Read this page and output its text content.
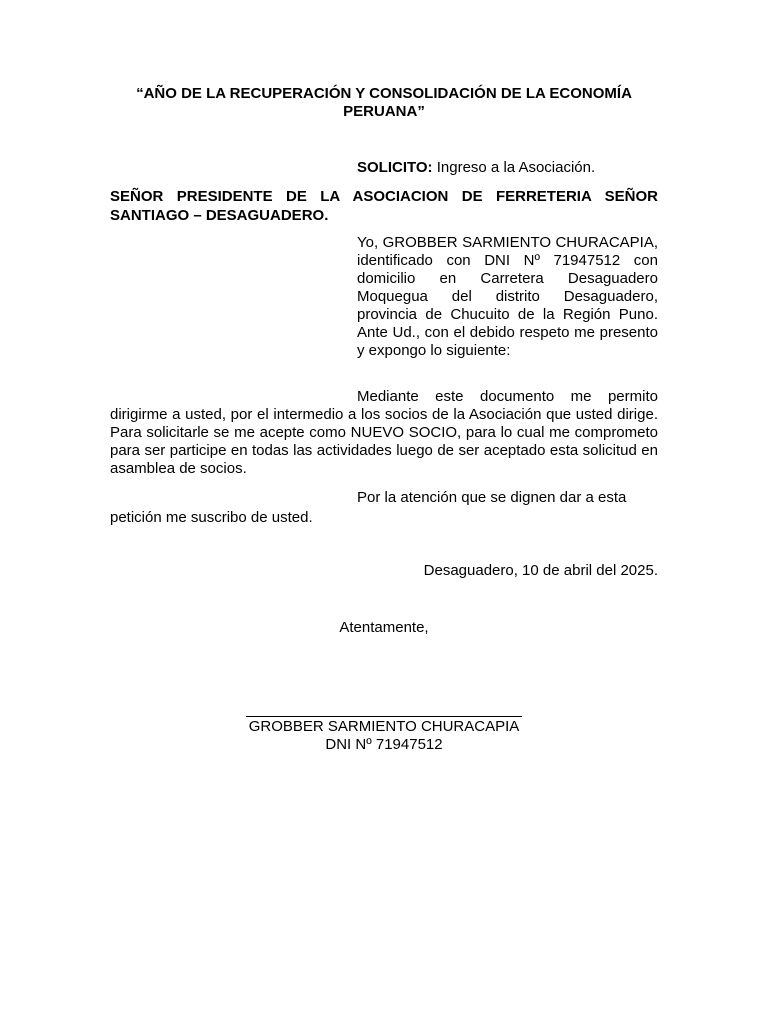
“AÑO DE LA RECUPERACIÓN Y CONSOLIDACIÓN DE LA ECONOMÍA PERUANA”
SOLICITO: Ingreso a la Asociación.
SEÑOR PRESIDENTE DE LA ASOCIACION DE FERRETERIA SEÑOR SANTIAGO – DESAGUADERO.
Yo, GROBBER SARMIENTO CHURACAPIA, identificado con DNI Nº 71947512 con domicilio en Carretera Desaguadero Moquegua del distrito Desaguadero, provincia de Chucuito de la Región Puno. Ante Ud., con el debido respeto me presento y expongo lo siguiente:
Mediante este documento me permito dirigirme a usted, por el intermedio a los socios de la Asociación que usted dirige. Para solicitarle se me acepte como NUEVO SOCIO, para lo cual me comprometo para ser participe en todas las actividades luego de ser aceptado esta solicitud en asamblea de socios.
Por la atención que se dignen dar a esta petición me suscribo de usted.
Desaguadero, 10 de abril del 2025.
Atentamente,
GROBBER SARMIENTO CHURACAPIA
DNI Nº 71947512
